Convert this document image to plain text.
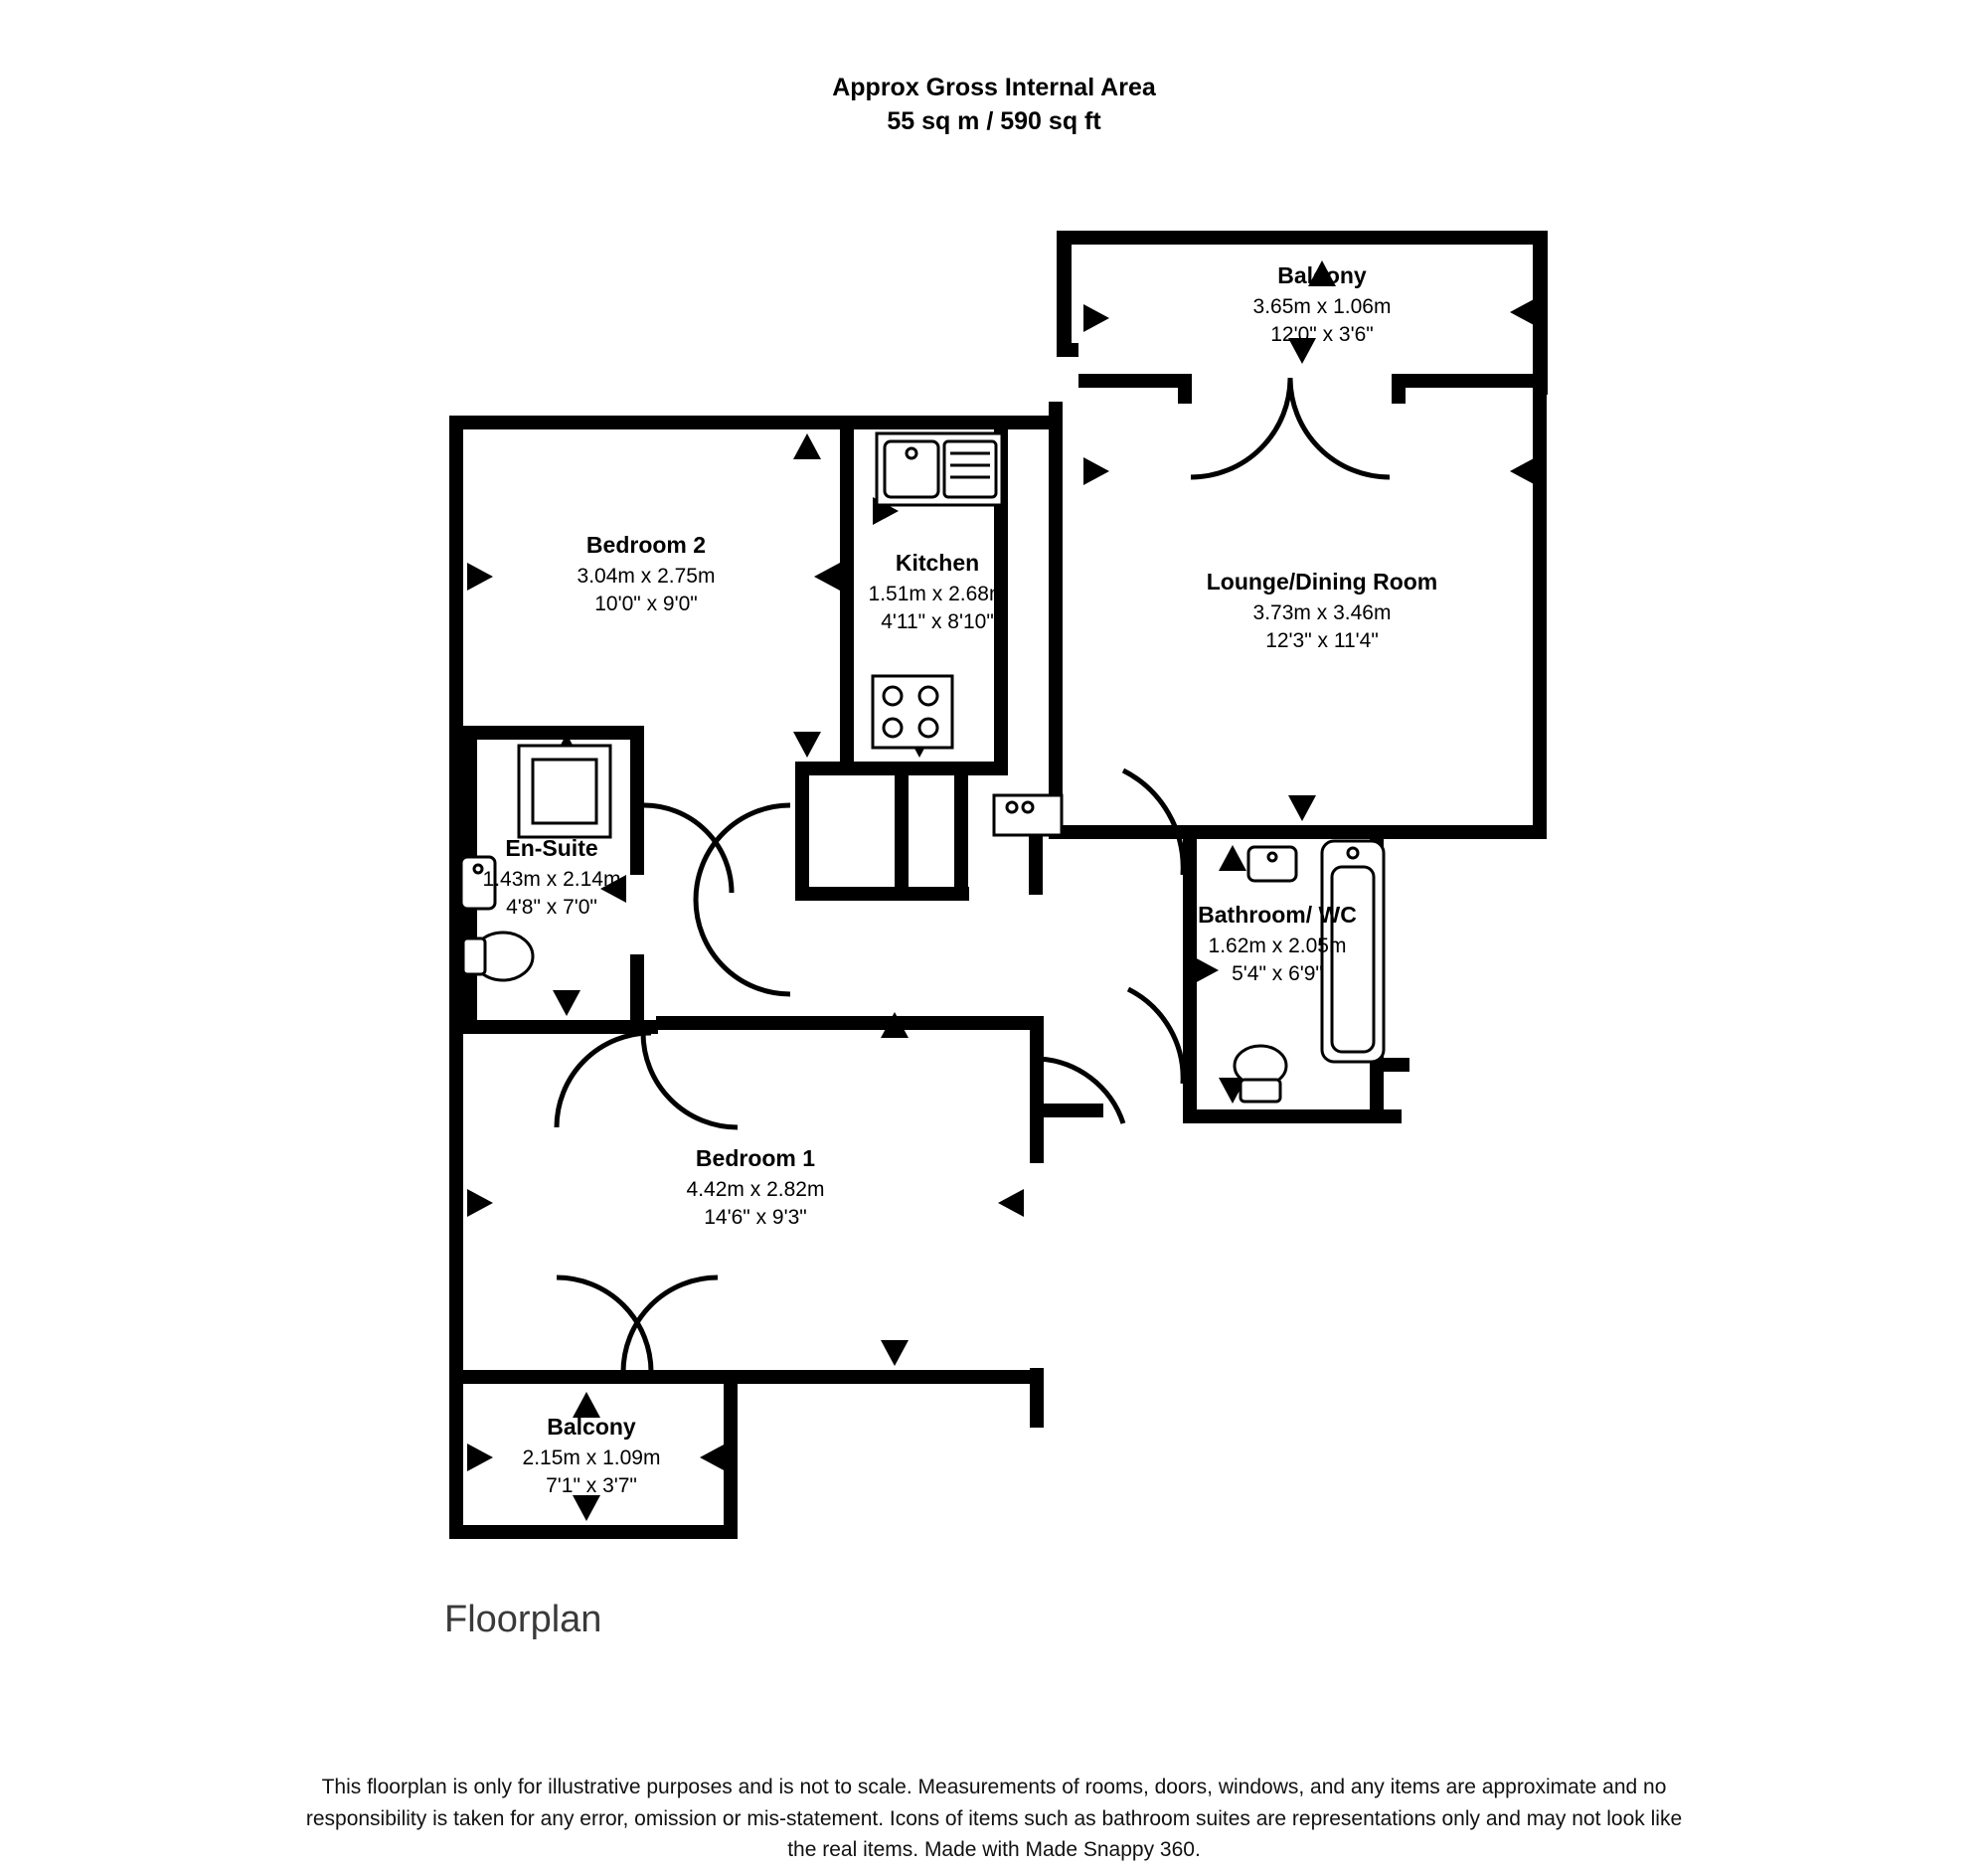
Approx Gross Internal Area
55 sq m / 590 sq ft
Balcony
3.65m x 1.06m
12'0" x 3'6"
Bedroom 2
3.04m x 2.75m
10'0" x 9'0"
Kitchen
1.51m x 2.68m
4'11" x 8'10"
Lounge/Dining Room
3.73m x 3.46m
12'3" x 11'4"
En-Suite
1.43m x 2.14m
4'8" x 7'0"	Bathroom/ WC
1.62m x 2.05m
5'4" x 6'9"
Bedroom 1
4.42m x 2.82m
14'6" x 9'3"
Balcony
2.15m x 1.09m
7'1" x 3'7"
Floorplan
This floorplan is only for illustrative purposes and is not to scale. Measurements of rooms, doors, windows, and any items are approximate and no responsibility is taken for any error, omission or mis-statement. Icons of items such as bathroom suites are representations only and may not look like the real items. Made with Made Snappy 360.
